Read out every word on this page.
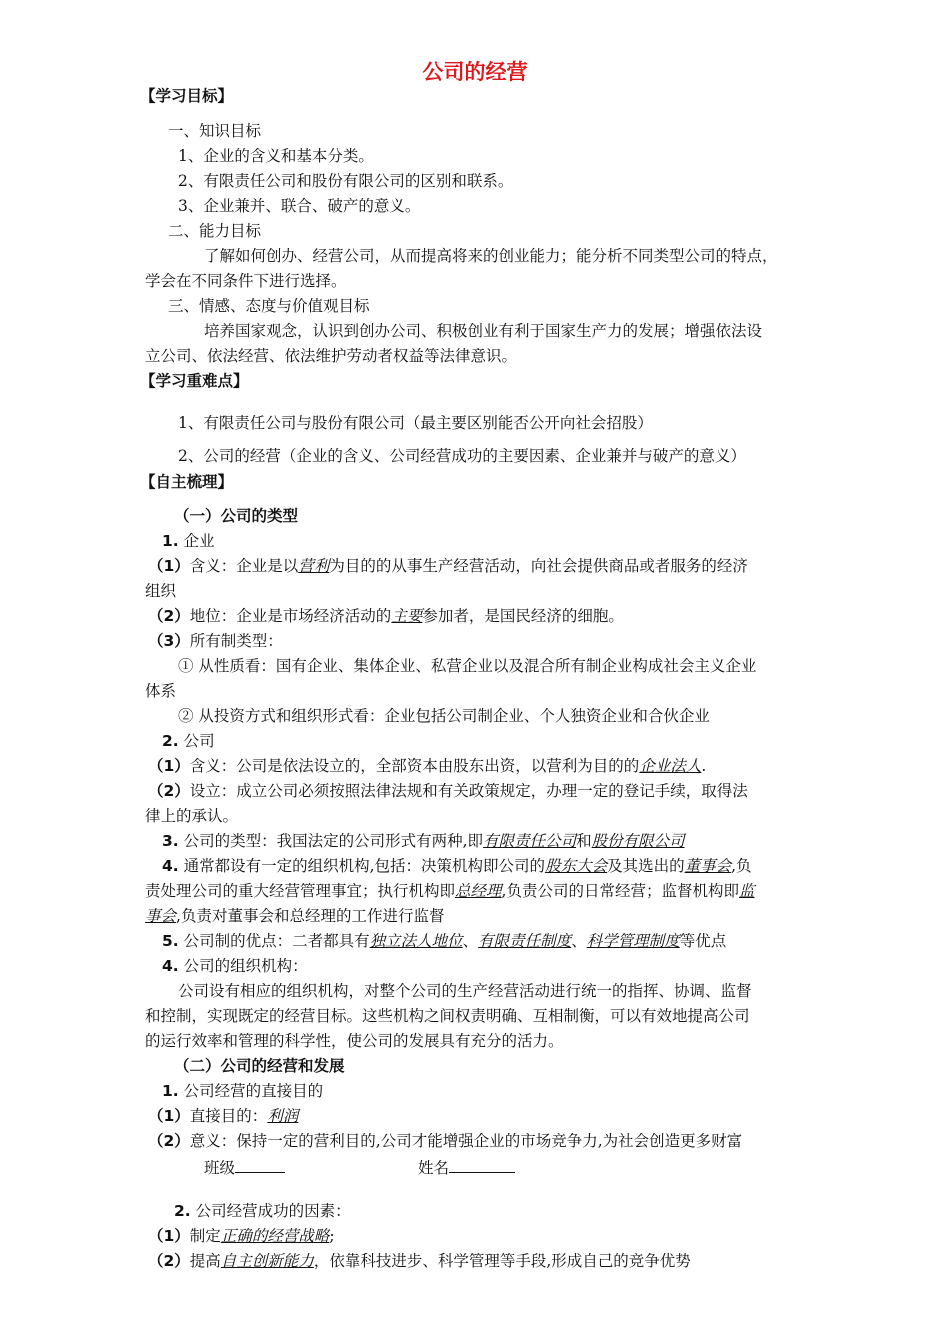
公司的经营
【学习目标】
一、知识目标
1、企业的含义和基本分类。
2、有限责任公司和股份有限公司的区别和联系。
3、企业兼并、联合、破产的意义。
二、能力目标
了解如何创办、经营公司，从而提高将来的创业能力；能分析不同类型公司的特点，
学会在不同条件下进行选择。
三、情感、态度与价值观目标
培养国家观念，认识到创办公司、积极创业有利于国家生产力的发展；增强依法设
立公司、依法经营、依法维护劳动者权益等法律意识。
【学习重难点】
1、有限责任公司与股份有限公司（最主要区别能否公开向社会招股）
2、公司的经营（企业的含义、公司经营成功的主要因素、企业兼并与破产的意义）
【自主梳理】
（一）公司的类型
1. 企业
（1）含义：企业是以营利为目的的从事生产经营活动，向社会提供商品或者服务的经济
组织
（2）地位：企业是市场经济活动的主要参加者，是国民经济的细胞。
（3）所有制类型：
① 从性质看：国有企业、集体企业、私营企业以及混合所有制企业构成社会主义企业
体系
② 从投资方式和组织形式看：企业包括公司制企业、个人独资企业和合伙企业
2. 公司
（1）含义：公司是依法设立的，全部资本由股东出资，以营利为目的的企业法人.
（2）设立：成立公司必须按照法律法规和有关政策规定，办理一定的登记手续，取得法
律上的承认。
3. 公司的类型：我国法定的公司形式有两种,即有限责任公司和股份有限公司
4. 通常都设有一定的组织机构,包括：决策机构即公司的股东大会及其选出的董事会,负
责处理公司的重大经营管理事宜；执行机构即总经理,负责公司的日常经营；监督机构即监
事会,负责对董事会和总经理的工作进行监督
5. 公司制的优点：二者都具有独立法人地位、有限责任制度、科学管理制度等优点
4. 公司的组织机构：
公司设有相应的组织机构，对整个公司的生产经营活动进行统一的指挥、协调、监督
和控制，实现既定的经营目标。这些机构之间权责明确、互相制衡，可以有效地提高公司
的运行效率和管理的科学性，使公司的发展具有充分的活力。
（二）公司的经营和发展
1. 公司经营的直接目的
（1）直接目的：利润
（2）意义：保持一定的营利目的,公司才能增强企业的市场竞争力,为社会创造更多财富
班级	姓名
2. 公司经营成功的因素：
（1）制定正确的经营战略;
（2）提高自主创新能力，依靠科技进步、科学管理等手段,形成自己的竞争优势
